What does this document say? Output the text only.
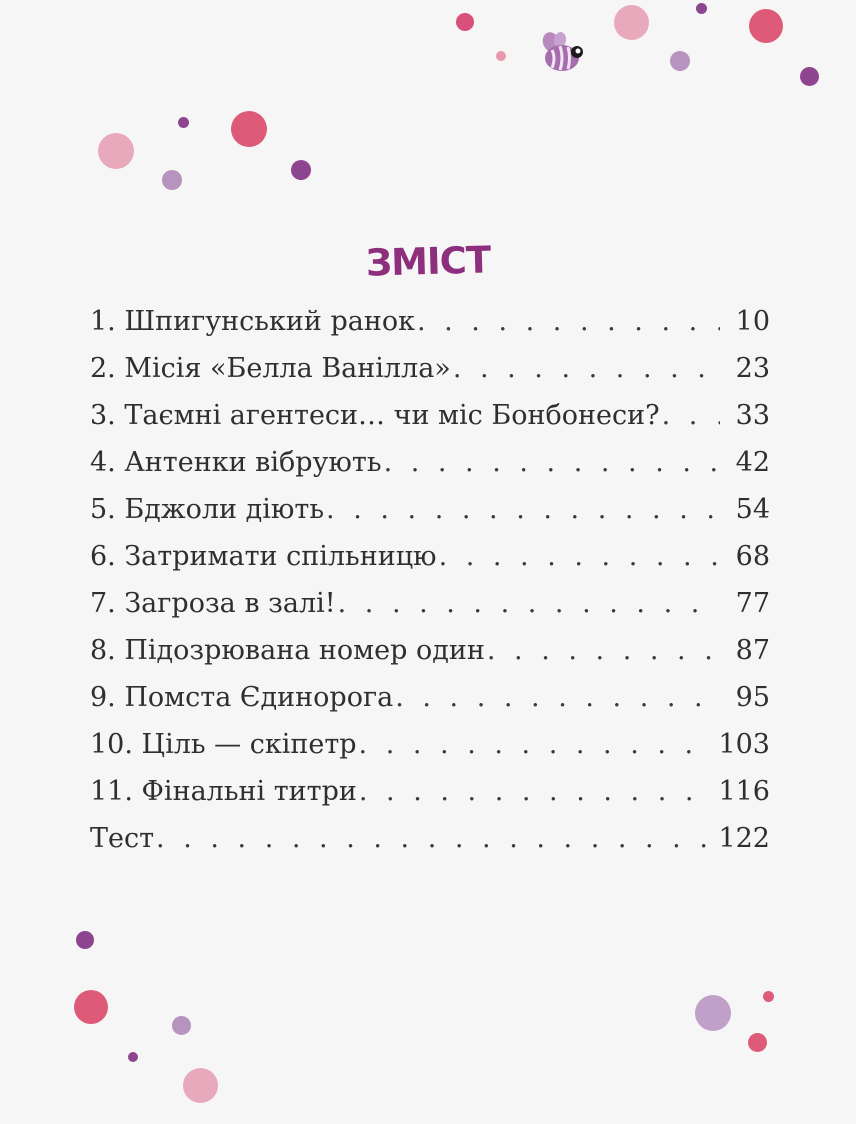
ЗМІСТ
1. Шпигунський ранок . . .	10
2. Місія «Белла Ванілла» . . .	23
3. Таємні агентеси… чи міс Бонбонеси? . . .	33
4. Антенки вібрують . . .	42
5. Бджоли діють . . .	54
6. Затримати спільницю . . .	68
7. Загроза в залі! . . .	77
8. Підозрювана номер один . . .	87
9. Помста Єдинорога . . .	95
10. Ціль — скіпетр . . .	103
11. Фінальні титри . . .	116
Тест . . .	122
